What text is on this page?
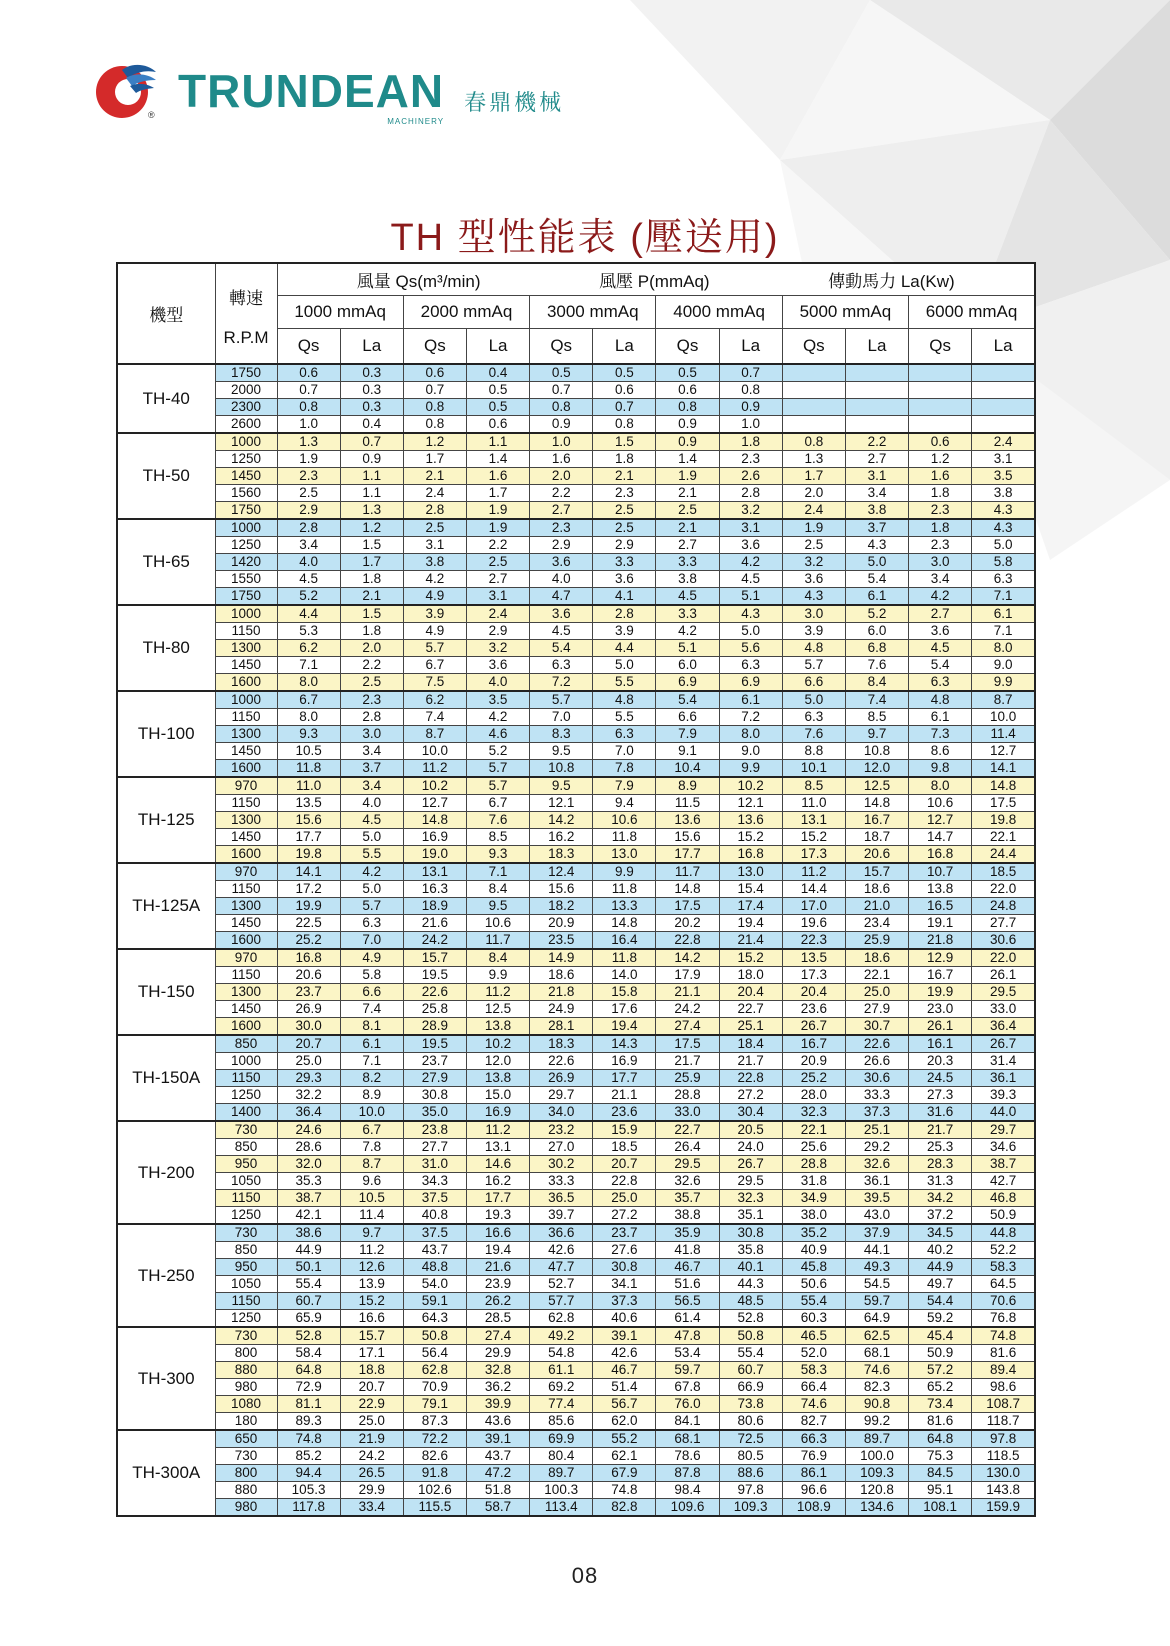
® TRUNDEAN
MACHINERY
春鼎機械
TH 型性能表 (壓送用)
機型	轉速	風量 Qs(m³/min) 風壓 P(mmAq) 傳動馬力 La(Kw)											

		1000 mmAq		2000 mmAq		3000 mmAq		4000 mmAq		5000 mmAq		6000 mmAq	
	R.P.M	Qs	La	Qs	La	Qs	La	Qs	La	Qs	La	Qs	La
TH-40	1750	0.6	0.3	0.6	0.4	0.5	0.5	0.5	0.7				
	2000	0.7	0.3	0.7	0.5	0.7	0.6	0.6	0.8				
	2300	0.8	0.3	0.8	0.5	0.8	0.7	0.8	0.9				
	2600	1.0	0.4	0.8	0.6	0.9	0.8	0.9	1.0				
TH-50	1000	1.3	0.7	1.2	1.1	1.0	1.5	0.9	1.8	0.8	2.2	0.6	2.4
	1250	1.9	0.9	1.7	1.4	1.6	1.8	1.4	2.3	1.3	2.7	1.2	3.1
	1450	2.3	1.1	2.1	1.6	2.0	2.1	1.9	2.6	1.7	3.1	1.6	3.5
	1560	2.5	1.1	2.4	1.7	2.2	2.3	2.1	2.8	2.0	3.4	1.8	3.8
	1750	2.9	1.3	2.8	1.9	2.7	2.5	2.5	3.2	2.4	3.8	2.3	4.3
TH-65	1000	2.8	1.2	2.5	1.9	2.3	2.5	2.1	3.1	1.9	3.7	1.8	4.3
	1250	3.4	1.5	3.1	2.2	2.9	2.9	2.7	3.6	2.5	4.3	2.3	5.0
	1420	4.0	1.7	3.8	2.5	3.6	3.3	3.3	4.2	3.2	5.0	3.0	5.8
	1550	4.5	1.8	4.2	2.7	4.0	3.6	3.8	4.5	3.6	5.4	3.4	6.3
	1750	5.2	2.1	4.9	3.1	4.7	4.1	4.5	5.1	4.3	6.1	4.2	7.1
TH-80	1000	4.4	1.5	3.9	2.4	3.6	2.8	3.3	4.3	3.0	5.2	2.7	6.1
	1150	5.3	1.8	4.9	2.9	4.5	3.9	4.2	5.0	3.9	6.0	3.6	7.1
	1300	6.2	2.0	5.7	3.2	5.4	4.4	5.1	5.6	4.8	6.8	4.5	8.0
	1450	7.1	2.2	6.7	3.6	6.3	5.0	6.0	6.3	5.7	7.6	5.4	9.0
	1600	8.0	2.5	7.5	4.0	7.2	5.5	6.9	6.9	6.6	8.4	6.3	9.9
TH-100	1000	6.7	2.3	6.2	3.5	5.7	4.8	5.4	6.1	5.0	7.4	4.8	8.7
	1150	8.0	2.8	7.4	4.2	7.0	5.5	6.6	7.2	6.3	8.5	6.1	10.0
	1300	9.3	3.0	8.7	4.6	8.3	6.3	7.9	8.0	7.6	9.7	7.3	11.4
	1450	10.5	3.4	10.0	5.2	9.5	7.0	9.1	9.0	8.8	10.8	8.6	12.7
	1600	11.8	3.7	11.2	5.7	10.8	7.8	10.4	9.9	10.1	12.0	9.8	14.1
TH-125	970	11.0	3.4	10.2	5.7	9.5	7.9	8.9	10.2	8.5	12.5	8.0	14.8
	1150	13.5	4.0	12.7	6.7	12.1	9.4	11.5	12.1	11.0	14.8	10.6	17.5
	1300	15.6	4.5	14.8	7.6	14.2	10.6	13.6	13.6	13.1	16.7	12.7	19.8
	1450	17.7	5.0	16.9	8.5	16.2	11.8	15.6	15.2	15.2	18.7	14.7	22.1
	1600	19.8	5.5	19.0	9.3	18.3	13.0	17.7	16.8	17.3	20.6	16.8	24.4
TH-125A	970	14.1	4.2	13.1	7.1	12.4	9.9	11.7	13.0	11.2	15.7	10.7	18.5
	1150	17.2	5.0	16.3	8.4	15.6	11.8	14.8	15.4	14.4	18.6	13.8	22.0
	1300	19.9	5.7	18.9	9.5	18.2	13.3	17.5	17.4	17.0	21.0	16.5	24.8
	1450	22.5	6.3	21.6	10.6	20.9	14.8	20.2	19.4	19.6	23.4	19.1	27.7
	1600	25.2	7.0	24.2	11.7	23.5	16.4	22.8	21.4	22.3	25.9	21.8	30.6
TH-150	970	16.8	4.9	15.7	8.4	14.9	11.8	14.2	15.2	13.5	18.6	12.9	22.0
	1150	20.6	5.8	19.5	9.9	18.6	14.0	17.9	18.0	17.3	22.1	16.7	26.1
	1300	23.7	6.6	22.6	11.2	21.8	15.8	21.1	20.4	20.4	25.0	19.9	29.5
	1450	26.9	7.4	25.8	12.5	24.9	17.6	24.2	22.7	23.6	27.9	23.0	33.0
	1600	30.0	8.1	28.9	13.8	28.1	19.4	27.4	25.1	26.7	30.7	26.1	36.4
TH-150A	850	20.7	6.1	19.5	10.2	18.3	14.3	17.5	18.4	16.7	22.6	16.1	26.7
	1000	25.0	7.1	23.7	12.0	22.6	16.9	21.7	21.7	20.9	26.6	20.3	31.4
	1150	29.3	8.2	27.9	13.8	26.9	17.7	25.9	22.8	25.2	30.6	24.5	36.1
	1250	32.2	8.9	30.8	15.0	29.7	21.1	28.8	27.2	28.0	33.3	27.3	39.3
	1400	36.4	10.0	35.0	16.9	34.0	23.6	33.0	30.4	32.3	37.3	31.6	44.0
TH-200	730	24.6	6.7	23.8	11.2	23.2	15.9	22.7	20.5	22.1	25.1	21.7	29.7
	850	28.6	7.8	27.7	13.1	27.0	18.5	26.4	24.0	25.6	29.2	25.3	34.6
	950	32.0	8.7	31.0	14.6	30.2	20.7	29.5	26.7	28.8	32.6	28.3	38.7
	1050	35.3	9.6	34.3	16.2	33.3	22.8	32.6	29.5	31.8	36.1	31.3	42.7
	1150	38.7	10.5	37.5	17.7	36.5	25.0	35.7	32.3	34.9	39.5	34.2	46.8
	1250	42.1	11.4	40.8	19.3	39.7	27.2	38.8	35.1	38.0	43.0	37.2	50.9
TH-250	730	38.6	9.7	37.5	16.6	36.6	23.7	35.9	30.8	35.2	37.9	34.5	44.8
	850	44.9	11.2	43.7	19.4	42.6	27.6	41.8	35.8	40.9	44.1	40.2	52.2
	950	50.1	12.6	48.8	21.6	47.7	30.8	46.7	40.1	45.8	49.3	44.9	58.3
	1050	55.4	13.9	54.0	23.9	52.7	34.1	51.6	44.3	50.6	54.5	49.7	64.5
	1150	60.7	15.2	59.1	26.2	57.7	37.3	56.5	48.5	55.4	59.7	54.4	70.6
	1250	65.9	16.6	64.3	28.5	62.8	40.6	61.4	52.8	60.3	64.9	59.2	76.8
TH-300	730	52.8	15.7	50.8	27.4	49.2	39.1	47.8	50.8	46.5	62.5	45.4	74.8
	800	58.4	17.1	56.4	29.9	54.8	42.6	53.4	55.4	52.0	68.1	50.9	81.6
	880	64.8	18.8	62.8	32.8	61.1	46.7	59.7	60.7	58.3	74.6	57.2	89.4
	980	72.9	20.7	70.9	36.2	69.2	51.4	67.8	66.9	66.4	82.3	65.2	98.6
	1080	81.1	22.9	79.1	39.9	77.4	56.7	76.0	73.8	74.6	90.8	73.4	108.7
	180	89.3	25.0	87.3	43.6	85.6	62.0	84.1	80.6	82.7	99.2	81.6	118.7
TH-300A	650	74.8	21.9	72.2	39.1	69.9	55.2	68.1	72.5	66.3	89.7	64.8	97.8
	730	85.2	24.2	82.6	43.7	80.4	62.1	78.6	80.5	76.9	100.0	75.3	118.5
	800	94.4	26.5	91.8	47.2	89.7	67.9	87.8	88.6	86.1	109.3	84.5	130.0
	880	105.3	29.9	102.6	51.8	100.3	74.8	98.4	97.8	96.6	120.8	95.1	143.8
	980	117.8	33.4	115.5	58.7	113.4	82.8	109.6	109.3	108.9	134.6	108.1	159.9
08
